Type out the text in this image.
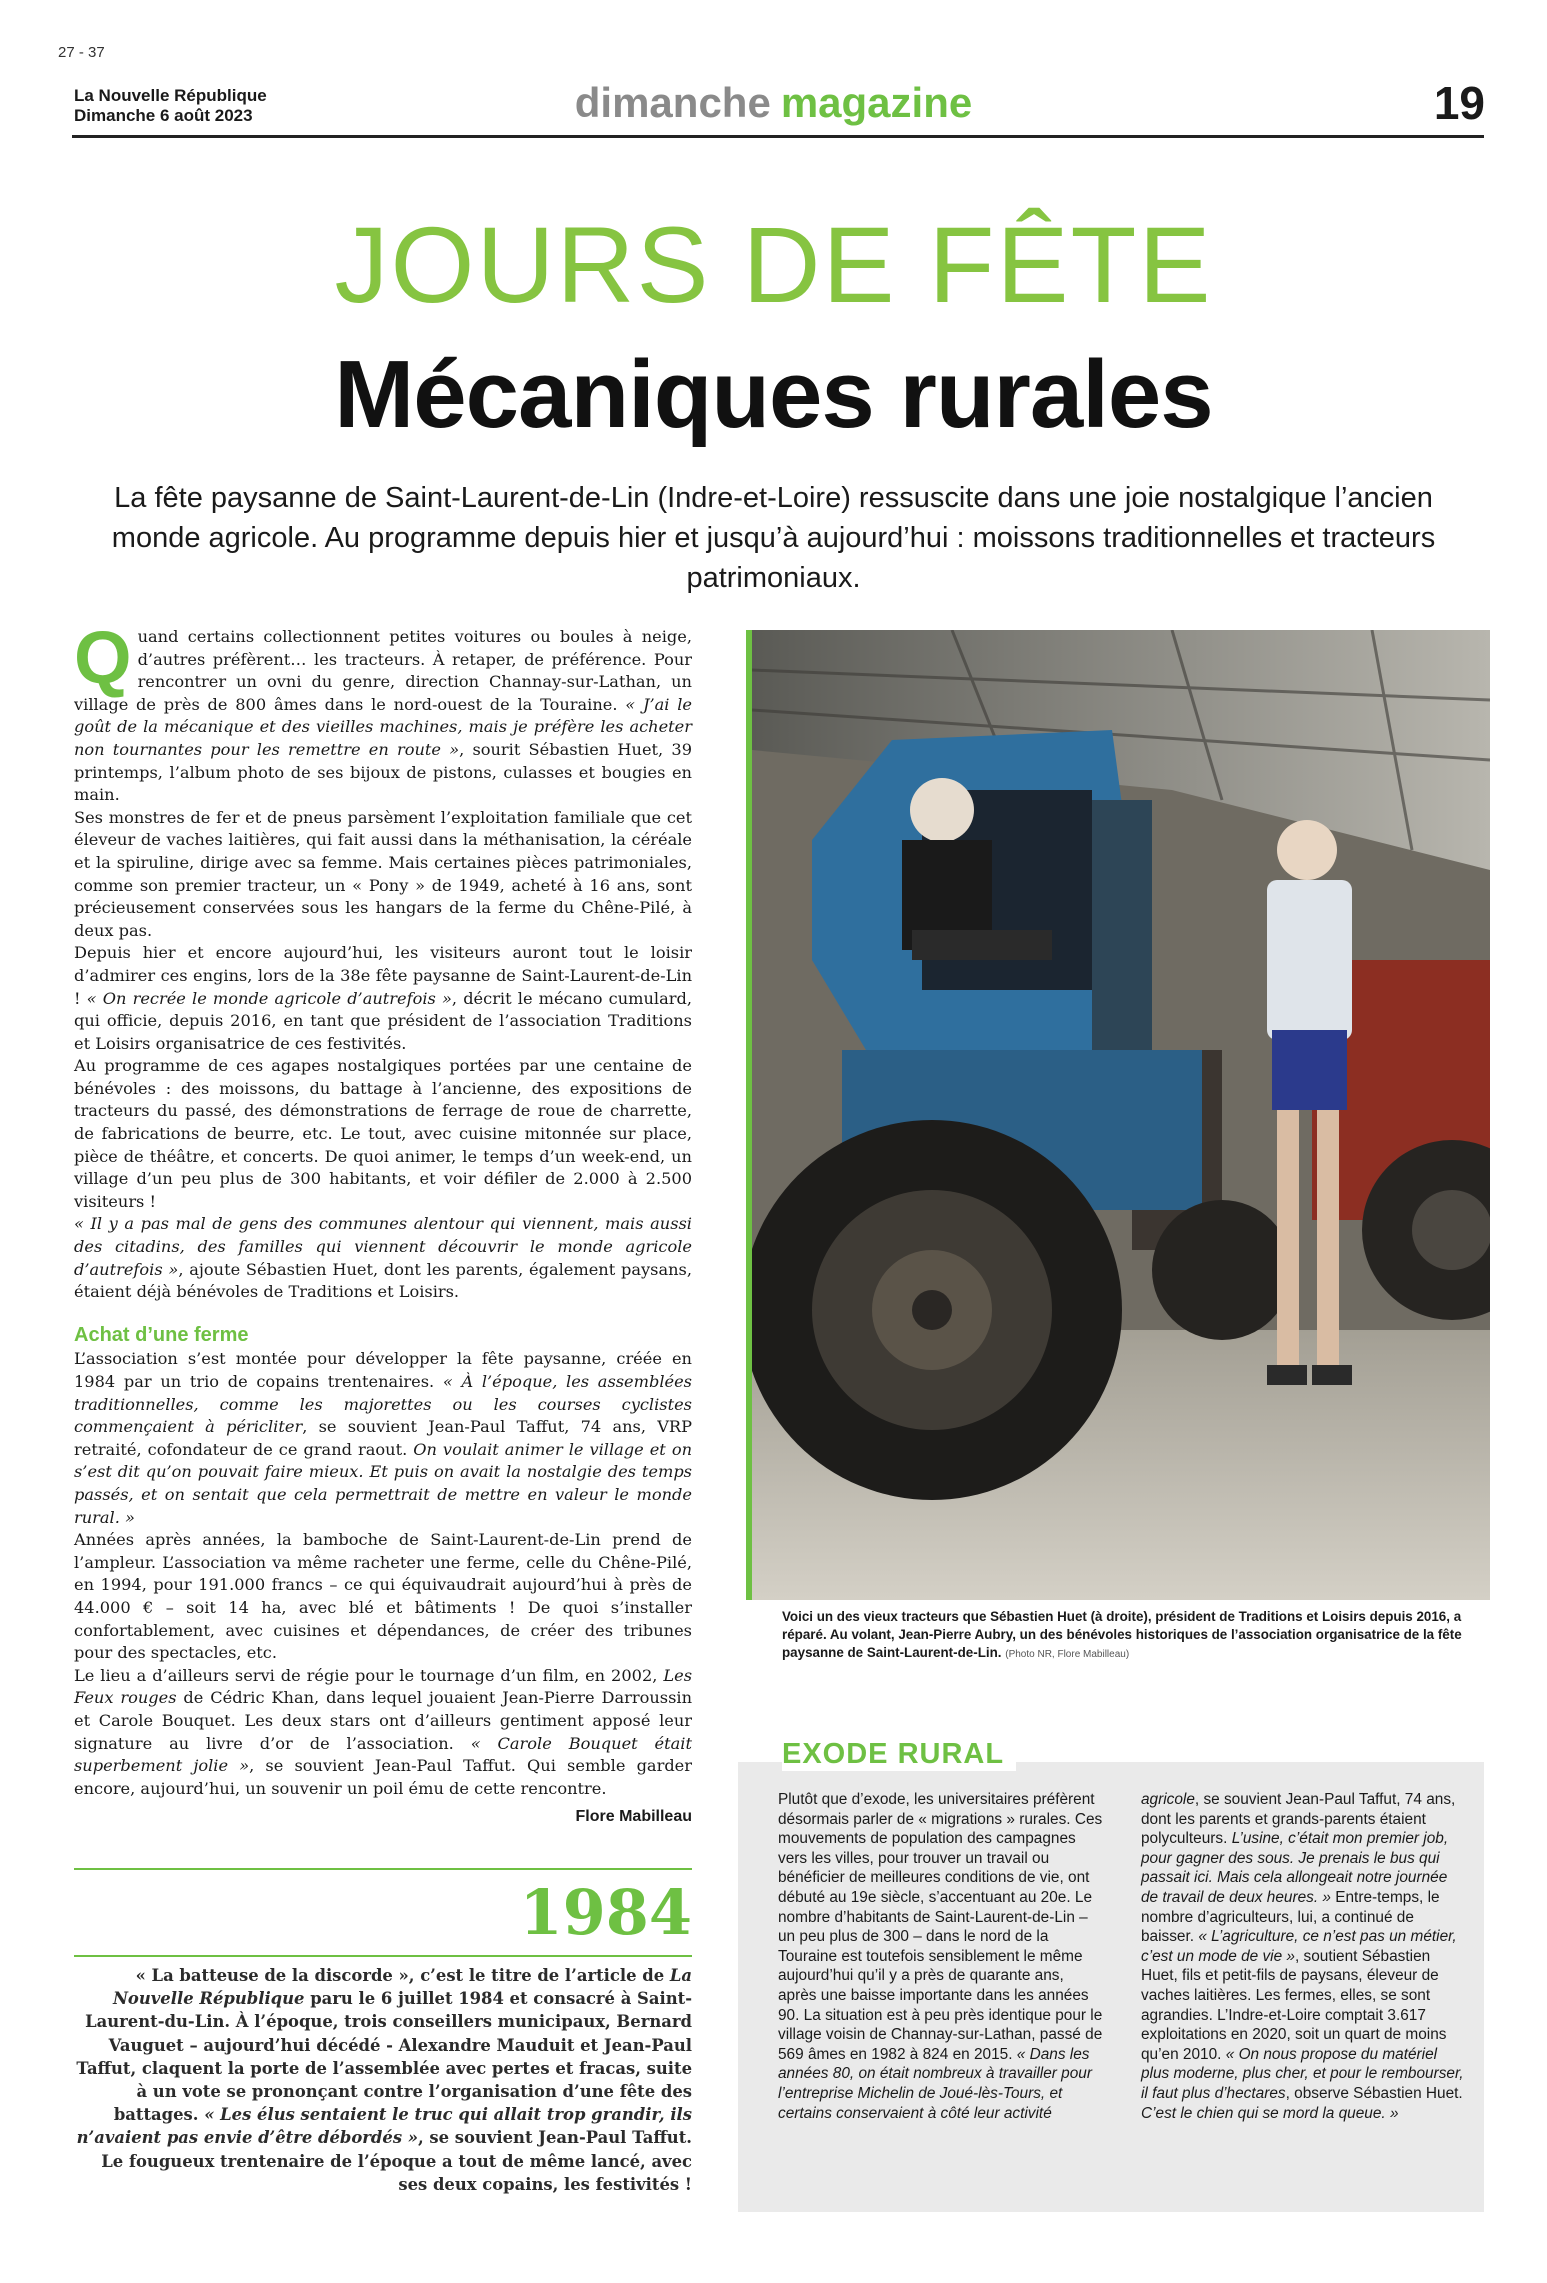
27 - 37
La Nouvelle République
Dimanche 6 août 2023	dimanche magazine	19
JOURS DE FÊTE
Mécaniques rurales
La fête paysanne de Saint-Laurent-de-Lin (Indre-et-Loire) ressuscite dans une joie nostalgique l’ancien monde agricole. Au programme depuis hier et jusqu’à aujourd’hui : moissons traditionnelles et tracteurs patrimoniaux.

Quand certains collectionnent petites voitures ou boules à neige, d’autres préfèrent… les tracteurs. À retaper, de préférence. Pour rencontrer un ovni du genre, direction Channay-sur-Lathan, un village de près de 800 âmes dans le nord-ouest de la Touraine. « J’ai le goût de la mécanique et des vieilles machines, mais je préfère les acheter non tournantes pour les remettre en route », sourit Sébastien Huet, 39 printemps, l’album photo de ses bijoux de pistons, culasses et bougies en main.

Ses monstres de fer et de pneus parsèment l’exploitation familiale que cet éleveur de vaches laitières, qui fait aussi dans la méthanisation, la céréale et la spiruline, dirige avec sa femme. Mais certaines pièces patrimoniales, comme son premier tracteur, un « Pony » de 1949, acheté à 16 ans, sont précieusement conservées sous les hangars de la ferme du Chêne-Pilé, à deux pas.

Depuis hier et encore aujourd’hui, les visiteurs auront tout le loisir d’admirer ces engins, lors de la 38e fête paysanne de Saint-Laurent-de-Lin ! « On recrée le monde agricole d’autrefois », décrit le mécano cumulard, qui officie, depuis 2016, en tant que président de l’association Traditions et Loisirs organisatrice de ces festivités.

Au programme de ces agapes nostalgiques portées par une centaine de bénévoles : des moissons, du battage à l’ancienne, des expositions de tracteurs du passé, des démonstrations de ferrage de roue de charrette, de fabrications de beurre, etc. Le tout, avec cuisine mitonnée sur place, pièce de théâtre, et concerts. De quoi animer, le temps d’un week-end, un village d’un peu plus de 300 habitants, et voir défiler de 2.000 à 2.500 visiteurs !

« Il y a pas mal de gens des communes alentour qui viennent, mais aussi des citadins, des familles qui viennent découvrir le monde agricole d’autrefois », ajoute Sébastien Huet, dont les parents, également paysans, étaient déjà bénévoles de Traditions et Loisirs.

Achat d’une ferme

L’association s’est montée pour développer la fête paysanne, créée en 1984 par un trio de copains trentenaires. « À l’époque, les assemblées traditionnelles, comme les majorettes ou les courses cyclistes commençaient à péricliter, se souvient Jean-Paul Taffut, 74 ans, VRP retraité, cofondateur de ce grand raout. On voulait animer le village et on s’est dit qu’on pouvait faire mieux. Et puis on avait la nostalgie des temps passés, et on sentait que cela permettrait de mettre en valeur le monde rural. »

Années après années, la bamboche de Saint-Laurent-de-Lin prend de l’ampleur. L’association va même racheter une ferme, celle du Chêne-Pilé, en 1994, pour 191.000 francs – ce qui équivaudrait aujourd’hui à près de 44.000 € – soit 14 ha, avec blé et bâtiments ! De quoi s’installer confortablement, avec cuisines et dépendances, de créer des tribunes pour des spectacles, etc.

Le lieu a d’ailleurs servi de régie pour le tournage d’un film, en 2002, Les Feux rouges de Cédric Khan, dans lequel jouaient Jean-Pierre Darroussin et Carole Bouquet. Les deux stars ont d’ailleurs gentiment apposé leur signature au livre d’or de l’association. « Carole Bouquet était superbement jolie », se souvient Jean-Paul Taffut. Qui semble garder encore, aujourd’hui, un souvenir un poil ému de cette rencontre.

Flore Mabilleau
Voici un des vieux tracteurs que Sébastien Huet (à droite), président de Traditions et Loisirs depuis 2016, a réparé. Au volant, Jean-Pierre Aubry, un des bénévoles historiques de l’association organisatrice de la fête paysanne de Saint-Laurent-de-Lin. (Photo NR, Flore Mabilleau)
1984
« La batteuse de la discorde », c’est le titre de l’article de La Nouvelle République paru le 6 juillet 1984 et consacré à Saint-Laurent-du-Lin. À l’époque, trois conseillers municipaux, Bernard Vauguet – aujourd’hui décédé - Alexandre Mauduit et Jean-Paul Taffut, claquent la porte de l’assemblée avec pertes et fracas, suite à un vote se prononçant contre l’organisation d’une fête des battages. « Les élus sentaient le truc qui allait trop grandir, ils n’avaient pas envie d’être débordés », se souvient Jean-Paul Taffut. Le fougueux trentenaire de l’époque a tout de même lancé, avec ses deux copains, les festivités !
EXODE RURAL

Plutôt que d’exode, les universitaires préfèrent désormais parler de « migrations » rurales. Ces mouvements de population des campagnes vers les villes, pour trouver un travail ou bénéficier de meilleures conditions de vie, ont débuté au 19e siècle, s’accentuant au 20e. Le nombre d’habitants de Saint-Laurent-de-Lin – un peu plus de 300 – dans le nord de la Touraine est toutefois sensiblement le même aujourd’hui qu’il y a près de quarante ans, après une baisse importante dans les années 90. La situation est à peu près identique pour le village voisin de Channay-sur-Lathan, passé de 569 âmes en 1982 à 824 en 2015. « Dans les années 80, on était nombreux à travailler pour l’entreprise Michelin de Joué-lès-Tours, et certains conservaient à côté leur activité agricole, se souvient Jean-Paul Taffut, 74 ans, dont les parents et grands-parents étaient polyculteurs. L’usine, c’était mon premier job, pour gagner des sous. Je prenais le bus qui passait ici. Mais cela allongeait notre journée de travail de deux heures. » Entre-temps, le nombre d’agriculteurs, lui, a continué de baisser. « L’agriculture, ce n’est pas un métier, c’est un mode de vie », soutient Sébastien Huet, fils et petit-fils de paysans, éleveur de vaches laitières. Les fermes, elles, se sont agrandies. L’Indre-et-Loire comptait 3.617 exploitations en 2020, soit un quart de moins qu’en 2010. « On nous propose du matériel plus moderne, plus cher, et pour le rembourser, il faut plus d’hectares, observe Sébastien Huet. C’est le chien qui se mord la queue. »
